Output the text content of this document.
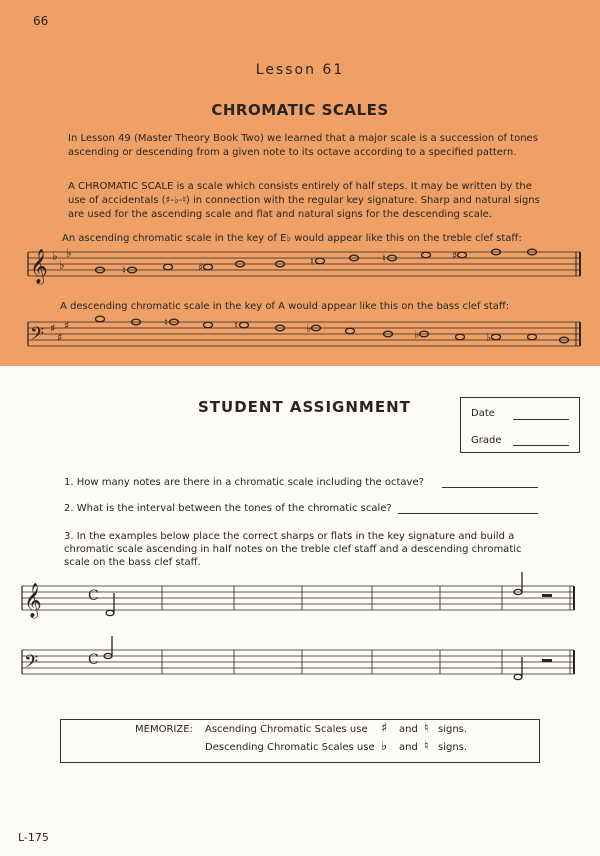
66
Lesson 61
CHROMATIC SCALES
In Lesson 49 (Master Theory Book Two) we learned that a major scale is a succession of tones ascending or descending from a given note to its octave according to a specified pattern.
A CHROMATIC SCALE is a scale which consists entirely of half steps. It may be written by the use of accidentals (♯-♭-♮) in connection with the regular key signature. Sharp and natural signs are used for the ascending scale and flat and natural signs for the descending scale.
An ascending chromatic scale in the key of E♭ would appear like this on the treble clef staff:
𝄞 ♭
♭
♭
♮	♯	♮	♮	♯
A descending chromatic scale in the key of A would appear like this on the bass clef staff:
𝄢 ♯
♯
♯	♮	♮	♭	♭	♭
STUDENT ASSIGNMENT	Date
Grade
1. How many notes are there in a chromatic scale including the octave?
2. What is the interval between the tones of the chromatic scale?
3. In the examples below place the correct sharps or flats in the key signature and build a chromatic scale ascending in half notes on the treble clef staff and a descending chromatic scale on the bass clef staff.
𝄞	C
𝄢	C
MEMORIZE: Ascending Chromatic Scales use ♯ and ♮ signs.
Descending Chromatic Scales use ♭ and ♮ signs.
L-175
